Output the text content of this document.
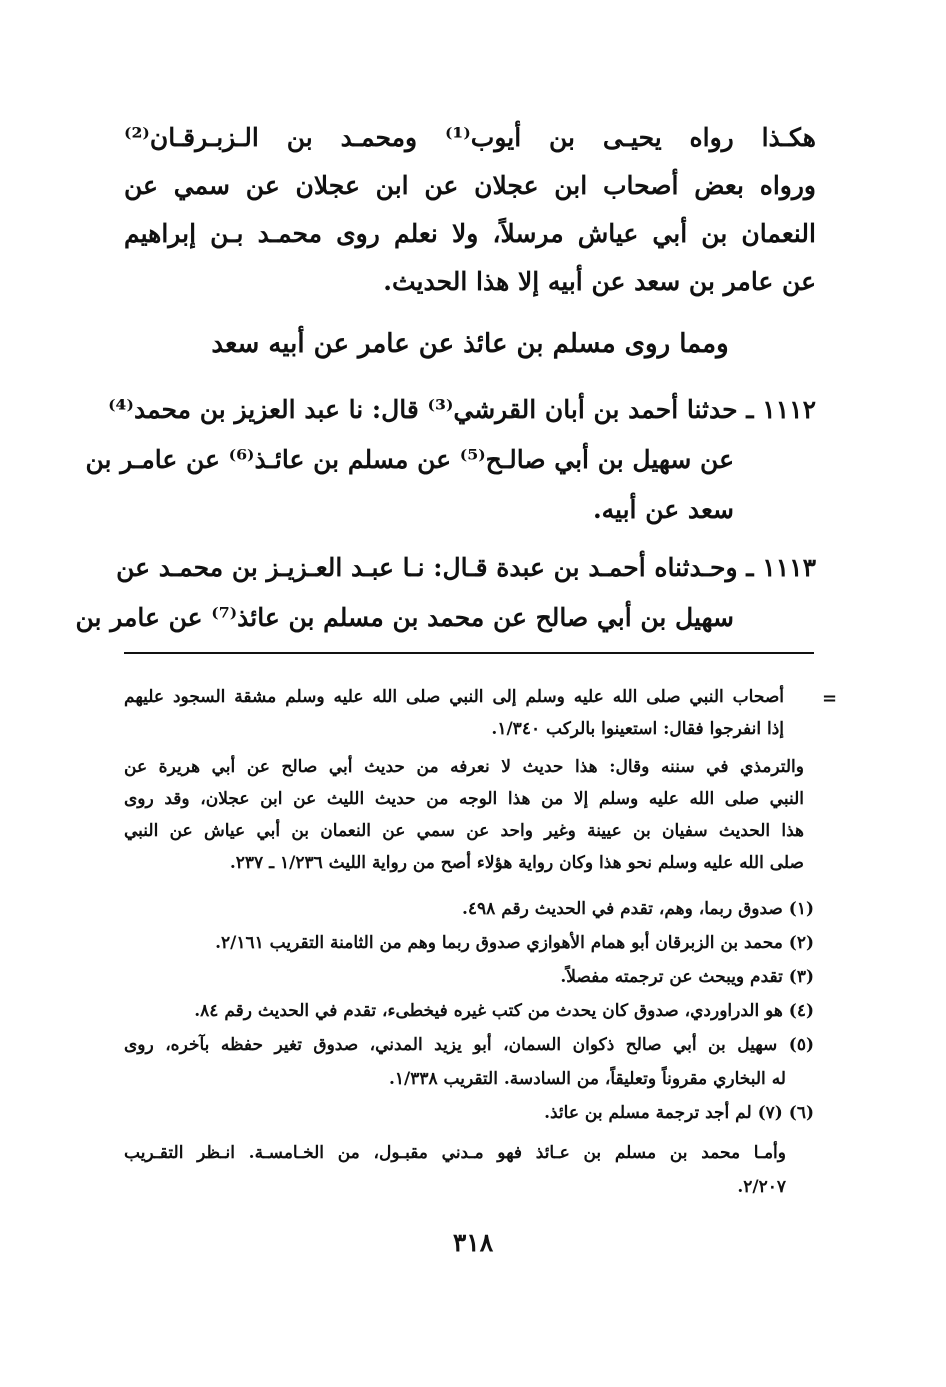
هكـذا رواه يحيـى بن أيوب⁽¹⁾ ومحمـد بن الـزبـرقـان⁽²⁾
ورواه بعض أصحاب ابن عجلان عن ابن عجلان عن سمي عن
النعمان بن أبي عياش مرسلاً، ولا نعلم روى محمـد بـن إبراهيم
عن عامر بن سعد عن أبيه إلا هذا الحديث.
ومما روى مسلم بن عائذ عن عامر عن أبيه سعد
١١١٢ ـ حدثنا أحمد بن أبان القرشي⁽³⁾ قال: نا عبد العزيز بن محمد⁽⁴⁾
عن سهيل بن أبي صالـح⁽⁵⁾ عن مسلم بن عائـذ⁽⁶⁾ عن عامـر بن
سعد عن أبيه.
١١١٣ ـ وحـدثناه أحمـد بن عبدة قـال: نـا عبـد العـزيـز بن محمـد عن
سهيل بن أبي صالح عن محمد بن مسلم بن عائذ⁽⁷⁾ عن عامر بن
=
أصحاب النبي صلى الله عليه وسلم إلى النبي صلى الله عليه وسلم مشقة السجود عليهم
إذا انفرجوا فقال: استعينوا بالركب ١/٣٤٠.
والترمذي في سننه وقال: هذا حديث لا نعرفه من حديث أبي صالح عن أبي هريرة عن
النبي صلى الله عليه وسلم إلا من هذا الوجه من حديث الليث عن ابن عجلان، وقد روى
هذا الحديث سفيان بن عيينة وغير واحد عن سمي عن النعمان بن أبي عياش عن النبي
صلى الله عليه وسلم نحو هذا وكان رواية هؤلاء أصح من رواية الليث ١/٢٣٦ ـ ٢٣٧.
(١) صدوق ربما، وهم، تقدم في الحديث رقم ٤٩٨.
(٢) محمد بن الزبرقان أبو همام الأهوازي صدوق ربما وهم من الثامنة التقريب ٢/١٦١.
(٣) تقدم ويبحث عن ترجمته مفصلاً.
(٤) هو الدراوردي، صدوق كان يحدث من كتب غيره فيخطىء، تقدم في الحديث رقم ٨٤.
(٥) سهيل بن أبي صالح ذكوان السمان، أبو يزيد المدني، صدوق تغير حفظه بآخره، روى
له البخاري مقروناً وتعليقاً، من السادسة. التقريب ١/٣٣٨.
(٦) (٧) لم أجد ترجمة مسلم بن عائذ.
وأمـا محمد بن مسلم بن عـائذ فهو مـدني مقبـول، من الخـامسـة. انـظر التقـريب
٢/٢٠٧.
٣١٨
